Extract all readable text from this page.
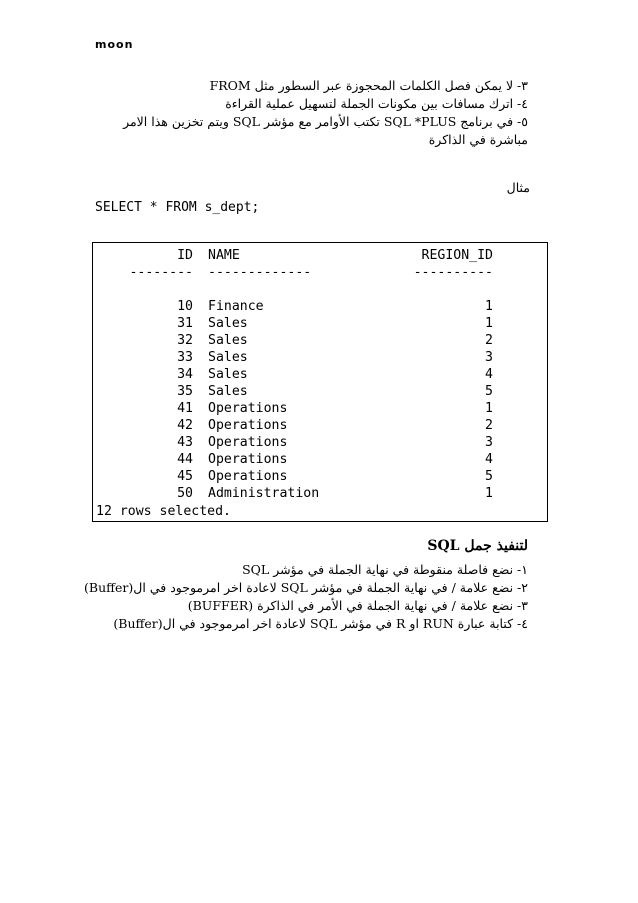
moon
٣- لا يمكن فصل الكلمات المحجوزة عبر السطور مثل FROM
٤- اترك مسافات بين مكونات الجملة لتسهيل عملية القراءة
٥- في برنامج SQL *PLUS تكتب الأوامر مع مؤشر SQL ويتم تخزين هذا الامر
مباشرة في الذاكرة
مثال
SELECT * FROM s_dept;
ID NAME	REGION_ID
-------- -------------	----------
10 Finance	1
31 Sales	1
32 Sales	2
33 Sales	3
34 Sales	4
35 Sales	5
41 Operations	1
42 Operations	2
43 Operations	3
44 Operations	4
45 Operations	5
50 Administration	1
12 rows selected.
لتنفيذ جمل SQL
١- نضع فاصلة منقوطة في نهاية الجملة في مؤشر SQL
٢- نضع علامة / في نهاية الجملة في مؤشر SQL لاعادة اخر امرموجود في ال(Buffer)
٣- نضع علامة / في نهاية الجملة في الأمر في الذاكرة (BUFFER)
٤- كتابة عبارة RUN او R في مؤشر SQL لاعادة اخر امرموجود في ال(Buffer)
